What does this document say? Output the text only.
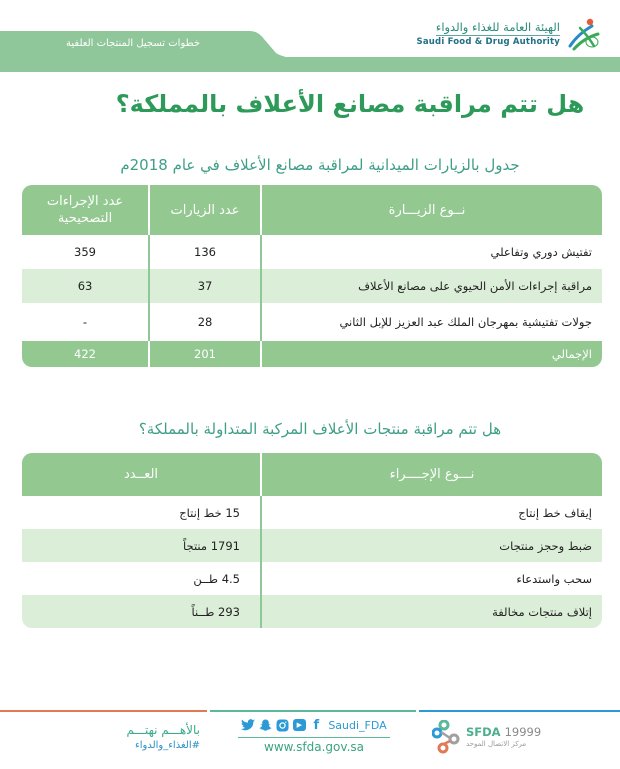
خطوات تسجيل المنتجات العلفية
الهيئة العامة للغذاء والدواء
Saudi Food & Drug Authority
هل تتم مراقبة مصانع الأعلاف بالمملكة؟
جدول بالزيارات الميدانية لمراقبة مصانع الأعلاف في عام 2018م
نــوع الزيـــارة
عدد الزيارات
عدد الإجراءات التصحيحية
تفتيش دوري وتفاعلي
136
359
مراقبة إجراءات الأمن الحيوي على مصانع الأعلاف
37
63
جولات تفتيشية بمهرجان الملك عبد العزيز للإبل الثاني
28
-
الإجمالي
201
422
هل تتم مراقبة منتجات الأعلاف المركبة المتداولة بالمملكة؟
نـــوع الإجــــراء
العــدد
إيقاف خط إنتاج
15 خط إنتاج
ضبط وحجز منتجات
1791 منتجاً
سحب واستدعاء
4.5 طــن
إتلاف منتجات مخالفة
293 طــناً
بالأهـــم نهتـــم
#الغذاء_والدواء
▶ f Saudi_FDA
www.sfda.gov.sa
SFDA 19999
مركز الاتصال الموحد
